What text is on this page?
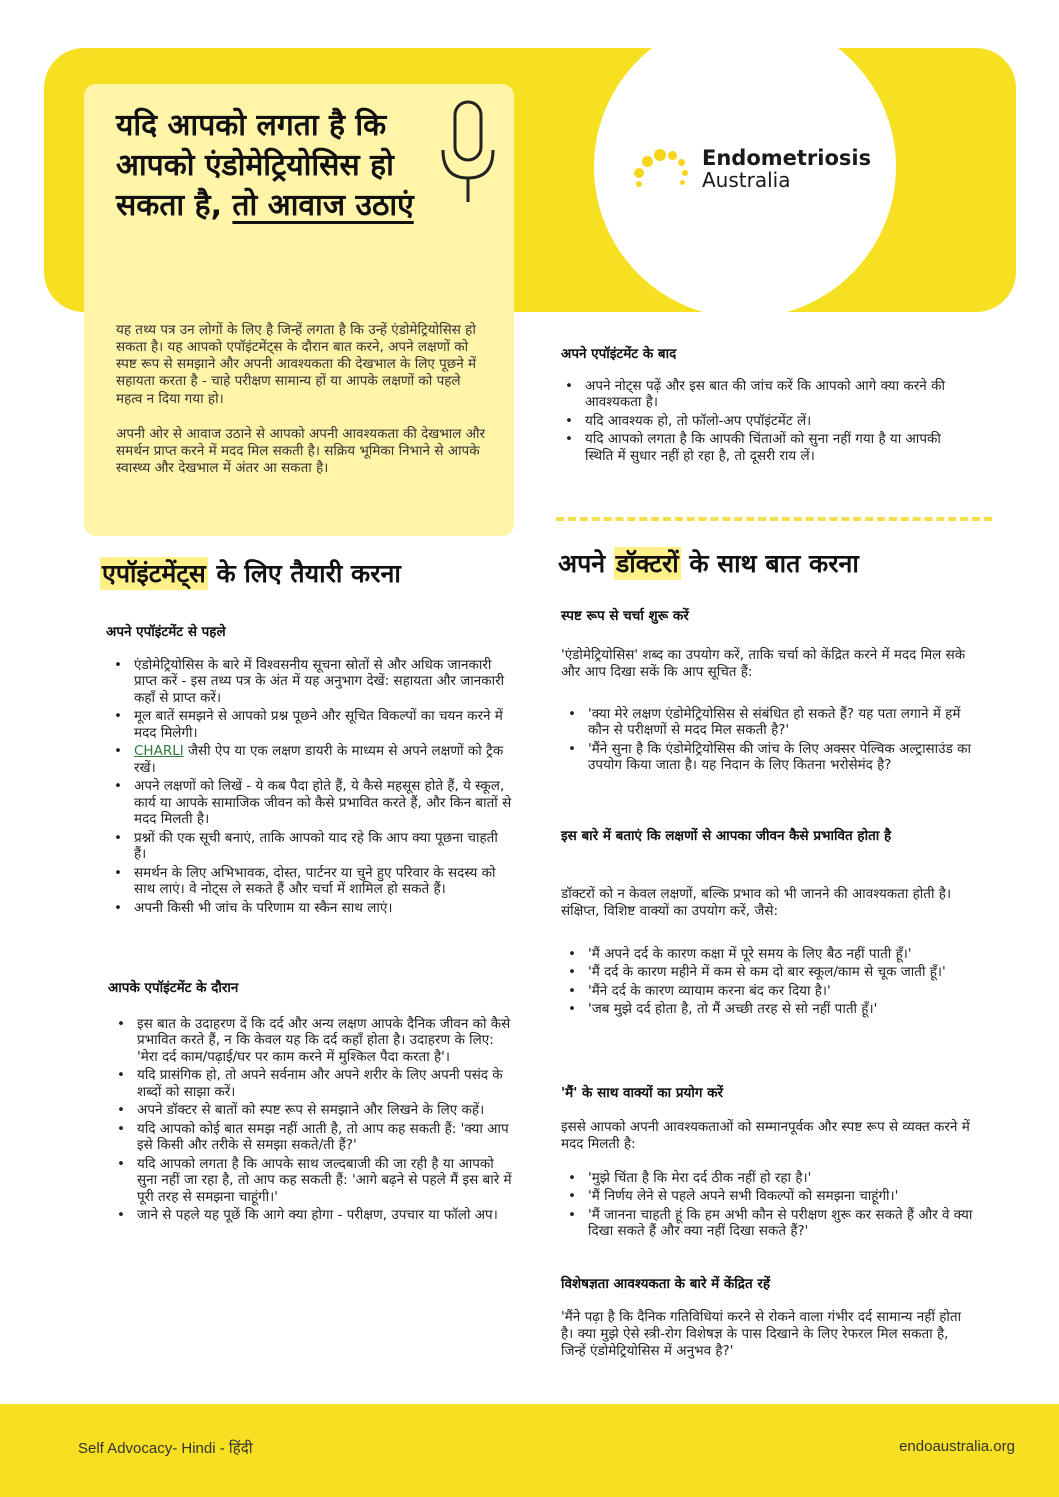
Endometriosis
Australia
यदि आपको लगता है कि आपको एंडोमेट्रियोसिस हो सकता है, तो आवाज उठाएं

यह तथ्य पत्र उन लोगों के लिए है जिन्हें लगता है कि उन्हें एंडोमेट्रियोसिस हो सकता है। यह आपको एपॉइंटमेंट्स के दौरान बात करने, अपने लक्षणों को स्पष्ट रूप से समझाने और अपनी आवश्यकता की देखभाल के लिए पूछने में सहायता करता है - चाहे परीक्षण सामान्य हों या आपके लक्षणों को पहले महत्व न दिया गया हो।

अपनी ओर से आवाज उठाने से आपको अपनी आवश्यकता की देखभाल और समर्थन प्राप्त करने में मदद मिल सकती है। सक्रिय भूमिका निभाने से आपके स्वास्थ्य और देखभाल में अंतर आ सकता है।

एपॉइंटमेंट्स के लिए तैयारी करना
अपने एपॉइंटमेंट से पहले
• एंडोमेट्रियोसिस के बारे में विश्वसनीय सूचना स्रोतों से और अधिक जानकारी प्राप्त करें - इस तथ्य पत्र के अंत में यह अनुभाग देखें: सहायता और जानकारी कहाँ से प्राप्त करें।
• मूल बातें समझने से आपको प्रश्न पूछने और सूचित विकल्पों का चयन करने में मदद मिलेगी।
• CHARLI जैसी ऐप या एक लक्षण डायरी के माध्यम से अपने लक्षणों को ट्रैक रखें।
• अपने लक्षणों को लिखें - ये कब पैदा होते हैं, ये कैसे महसूस होते हैं, ये स्कूल, कार्य या आपके सामाजिक जीवन को कैसे प्रभावित करते हैं, और किन बातों से मदद मिलती है।
• प्रश्नों की एक सूची बनाएं, ताकि आपको याद रहे कि आप क्या पूछना चाहती हैं।
• समर्थन के लिए अभिभावक, दोस्त, पार्टनर या चुने हुए परिवार के सदस्य को साथ लाएं। वे नोट्स ले सकते हैं और चर्चा में शामिल हो सकते हैं।
• अपनी किसी भी जांच के परिणाम या स्कैन साथ लाएं।
आपके एपॉइंटमेंट के दौरान
• इस बात के उदाहरण दें कि दर्द और अन्य लक्षण आपके दैनिक जीवन को कैसे प्रभावित करते हैं, न कि केवल यह कि दर्द कहाँ होता है। उदाहरण के लिए: 'मेरा दर्द काम/पढ़ाई/घर पर काम करने में मुश्किल पैदा करता है'।
• यदि प्रासंगिक हो, तो अपने सर्वनाम और अपने शरीर के लिए अपनी पसंद के शब्दों को साझा करें।
• अपने डॉक्टर से बातों को स्पष्ट रूप से समझाने और लिखने के लिए कहें।
• यदि आपको कोई बात समझ नहीं आती है, तो आप कह सकती हैं: 'क्या आप इसे किसी और तरीके से समझा सकते/ती हैं?'
• यदि आपको लगता है कि आपके साथ जल्दबाजी की जा रही है या आपको सुना नहीं जा रहा है, तो आप कह सकती हैं: 'आगे बढ़ने से पहले मैं इस बारे में पूरी तरह से समझना चाहूंगी।'
• जाने से पहले यह पूछें कि आगे क्या होगा - परीक्षण, उपचार या फॉलो अप।
अपने एपॉइंटमेंट के बाद
• अपने नोट्स पढ़ें और इस बात की जांच करें कि आपको आगे क्या करने की आवश्यकता है।
• यदि आवश्यक हो, तो फॉलो-अप एपॉइंटमेंट लें।
• यदि आपको लगता है कि आपकी चिंताओं को सुना नहीं गया है या आपकी स्थिति में सुधार नहीं हो रहा है, तो दूसरी राय लें।
अपने डॉक्टरों के साथ बात करना
स्पष्ट रूप से चर्चा शुरू करें
'एंडोमेट्रियोसिस' शब्द का उपयोग करें, ताकि चर्चा को केंद्रित करने में मदद मिल सके और आप दिखा सकें कि आप सूचित हैं:
• 'क्या मेरे लक्षण एंडोमेट्रियोसिस से संबंधित हो सकते हैं? यह पता लगाने में हमें कौन से परीक्षणों से मदद मिल सकती है?'
• 'मैंने सुना है कि एंडोमेट्रियोसिस की जांच के लिए अक्सर पेल्विक अल्ट्रासाउंड का उपयोग किया जाता है। यह निदान के लिए कितना भरोसेमंद है?
इस बारे में बताएं कि लक्षणों से आपका जीवन कैसे प्रभावित होता है
डॉक्टरों को न केवल लक्षणों, बल्कि प्रभाव को भी जानने की आवश्यकता होती है। संक्षिप्त, विशिष्ट वाक्यों का उपयोग करें, जैसे:
• 'मैं अपने दर्द के कारण कक्षा में पूरे समय के लिए बैठ नहीं पाती हूँ।'
• 'मैं दर्द के कारण महीने में कम से कम दो बार स्कूल/काम से चूक जाती हूँ।'
• 'मैंने दर्द के कारण व्यायाम करना बंद कर दिया है।'
• 'जब मुझे दर्द होता है, तो मैं अच्छी तरह से सो नहीं पाती हूँ।'
'मैं' के साथ वाक्यों का प्रयोग करें
इससे आपको अपनी आवश्यकताओं को सम्मानपूर्वक और स्पष्ट रूप से व्यक्त करने में मदद मिलती है:
• 'मुझे चिंता है कि मेरा दर्द ठीक नहीं हो रहा है।'
• 'मैं निर्णय लेने से पहले अपने सभी विकल्पों को समझना चाहूंगी।'
• 'मैं जानना चाहती हूं कि हम अभी कौन से परीक्षण शुरू कर सकते हैं और वे क्या दिखा सकते हैं और क्या नहीं दिखा सकते हैं?'
विशेषज्ञता आवश्यकता के बारे में केंद्रित रहें
'मैंने पढ़ा है कि दैनिक गतिविधियां करने से रोकने वाला गंभीर दर्द सामान्य नहीं होता है। क्या मुझे ऐसे स्त्री-रोग विशेषज्ञ के पास दिखाने के लिए रेफरल मिल सकता है, जिन्हें एंडोमेट्रियोसिस में अनुभव है?'
Self Advocacy- Hindi - हिंदी	endoaustralia.org
